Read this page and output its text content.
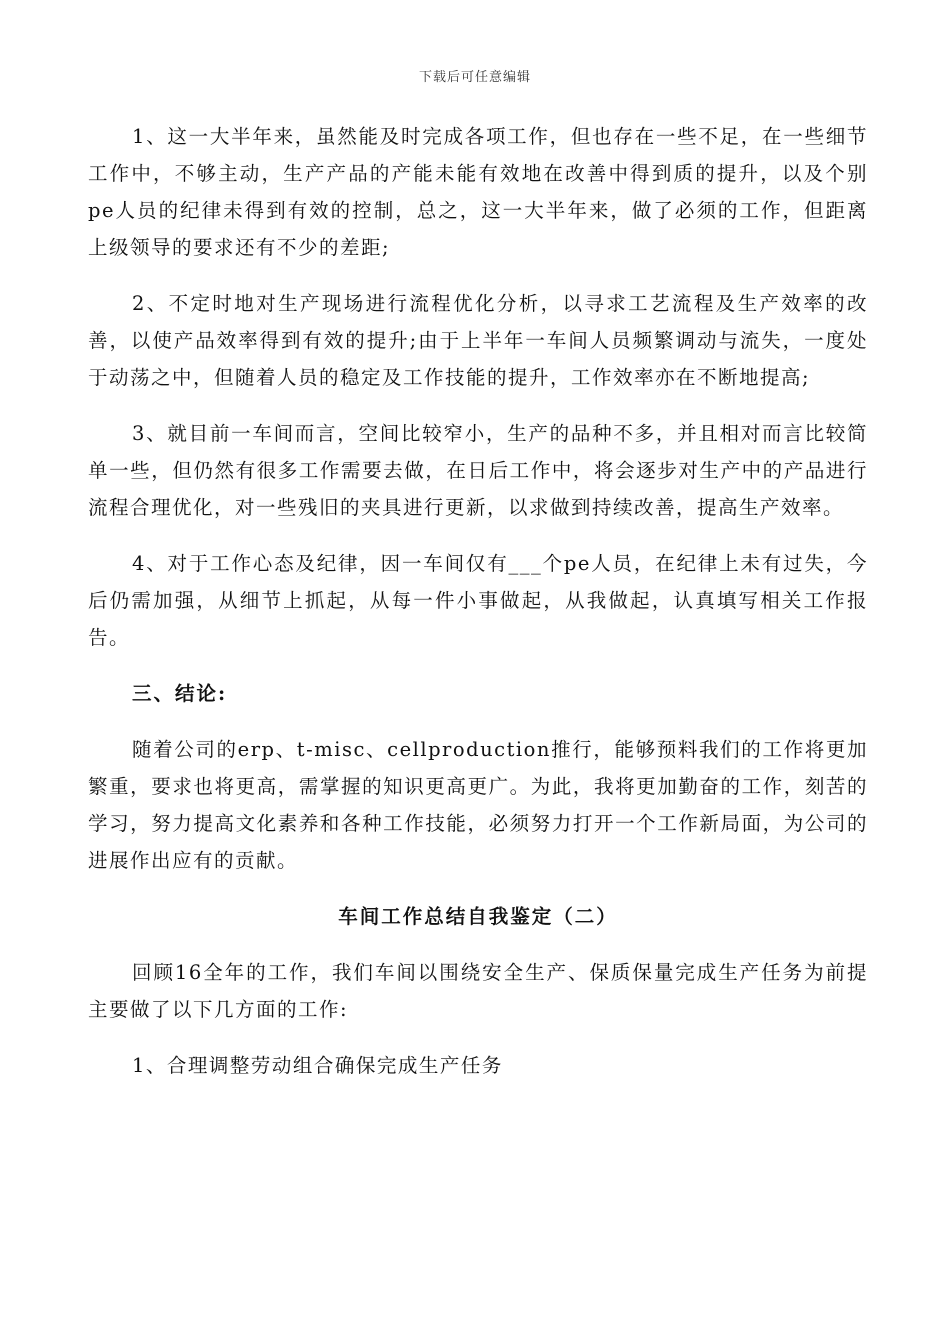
下载后可任意编辑

1、这一大半年来，虽然能及时完成各项工作，但也存在一些不足，在一些细节工作中，不够主动，生产产品的产能未能有效地在改善中得到质的提升，以及个别pe人员的纪律未得到有效的控制，总之，这一大半年来，做了必须的工作，但距离上级领导的要求还有不少的差距;

2、不定时地对生产现场进行流程优化分析，以寻求工艺流程及生产效率的改善，以使产品效率得到有效的提升;由于上半年一车间人员频繁调动与流失，一度处于动荡之中，但随着人员的稳定及工作技能的提升，工作效率亦在不断地提高;

3、就目前一车间而言，空间比较窄小，生产的品种不多，并且相对而言比较简单一些，但仍然有很多工作需要去做，在日后工作中，将会逐步对生产中的产品进行流程合理优化，对一些残旧的夹具进行更新，以求做到持续改善，提高生产效率。

4、对于工作心态及纪律，因一车间仅有___个pe人员，在纪律上未有过失，今后仍需加强，从细节上抓起，从每一件小事做起，从我做起，认真填写相关工作报告。

三、结论:

随着公司的erp、t-misc、cellproduction推行，能够预料我们的工作将更加繁重，要求也将更高，需掌握的知识更高更广。为此，我将更加勤奋的工作，刻苦的学习，努力提高文化素养和各种工作技能，必须努力打开一个工作新局面，为公司的进展作出应有的贡献。

车间工作总结自我鉴定（二）

回顾16全年的工作，我们车间以围绕安全生产、保质保量完成生产任务为前提主要做了以下几方面的工作:

1、合理调整劳动组合确保完成生产任务
